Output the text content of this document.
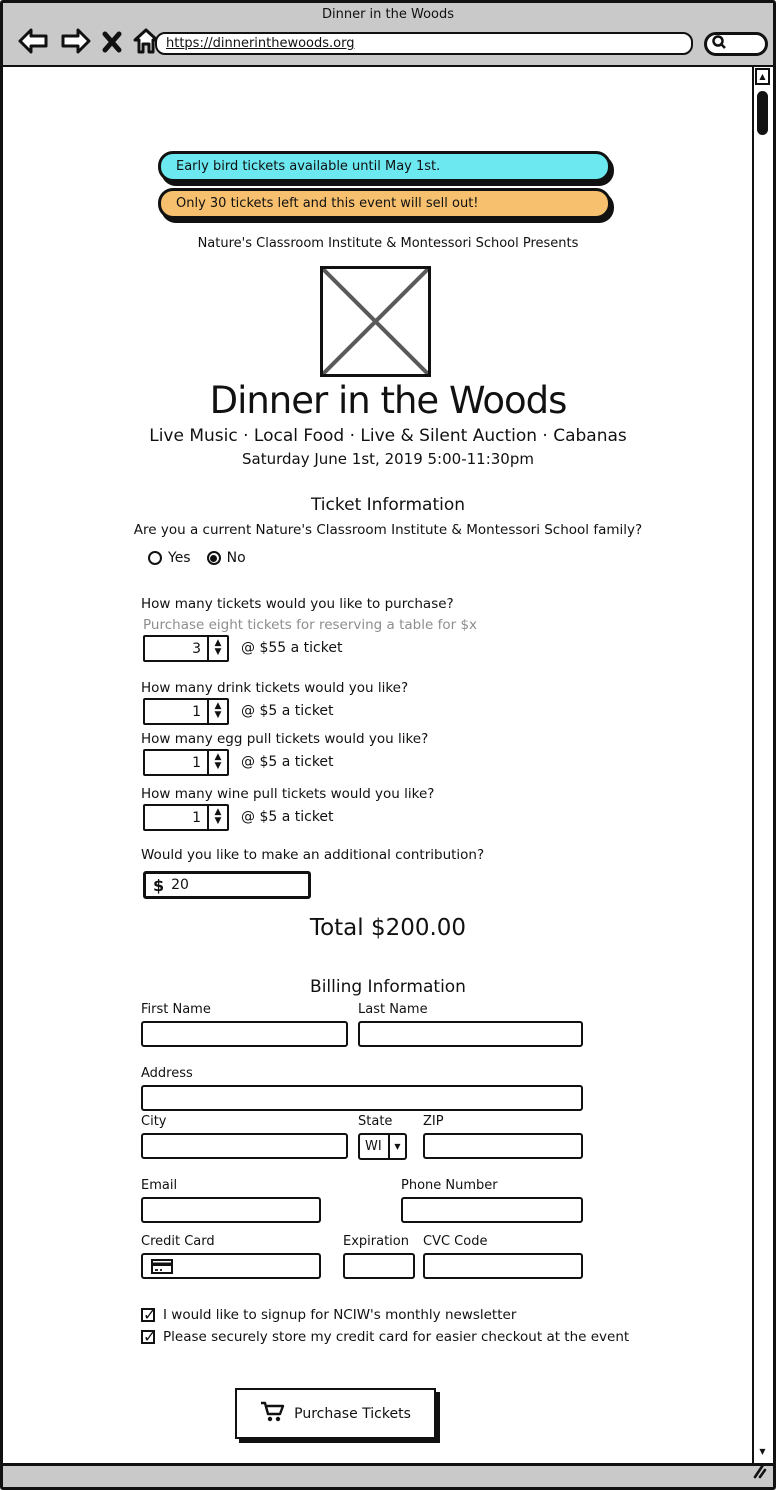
Dinner in the Woods
https://dinnerinthewoods.org
Early bird tickets available until May 1st.
Only 30 tickets left and this event will sell out!
Nature's Classroom Institute & Montessori School Presents
Dinner in the Woods
Live Music · Local Food · Live & Silent Auction · Cabanas
Saturday June 1st, 2019 5:00-11:30pm
Ticket Information
Are you a current Nature's Classroom Institute & Montessori School family?
Yes	No
How many tickets would you like to purchase?
Purchase eight tickets for reserving a table for $x
3 ▲ ▼	@ $55 a ticket
How many drink tickets would you like?
1 ▲ ▼	@ $5 a ticket
How many egg pull tickets would you like?
1 ▲ ▼	@ $5 a ticket
How many wine pull tickets would you like?
1 ▲ ▼	@ $5 a ticket
Would you like to make an additional contribution?
$ 20
Total $200.00
Billing Information
First Name	Last Name
Address
City	State ZIP
WI
▼
Email	Phone Number
Credit Card	Expiration CVC Code
✓
I would like to signup for NCIW's monthly newsletter
✓
Please securely store my credit card for easier checkout at the event
Purchase Tickets
▲
▼
